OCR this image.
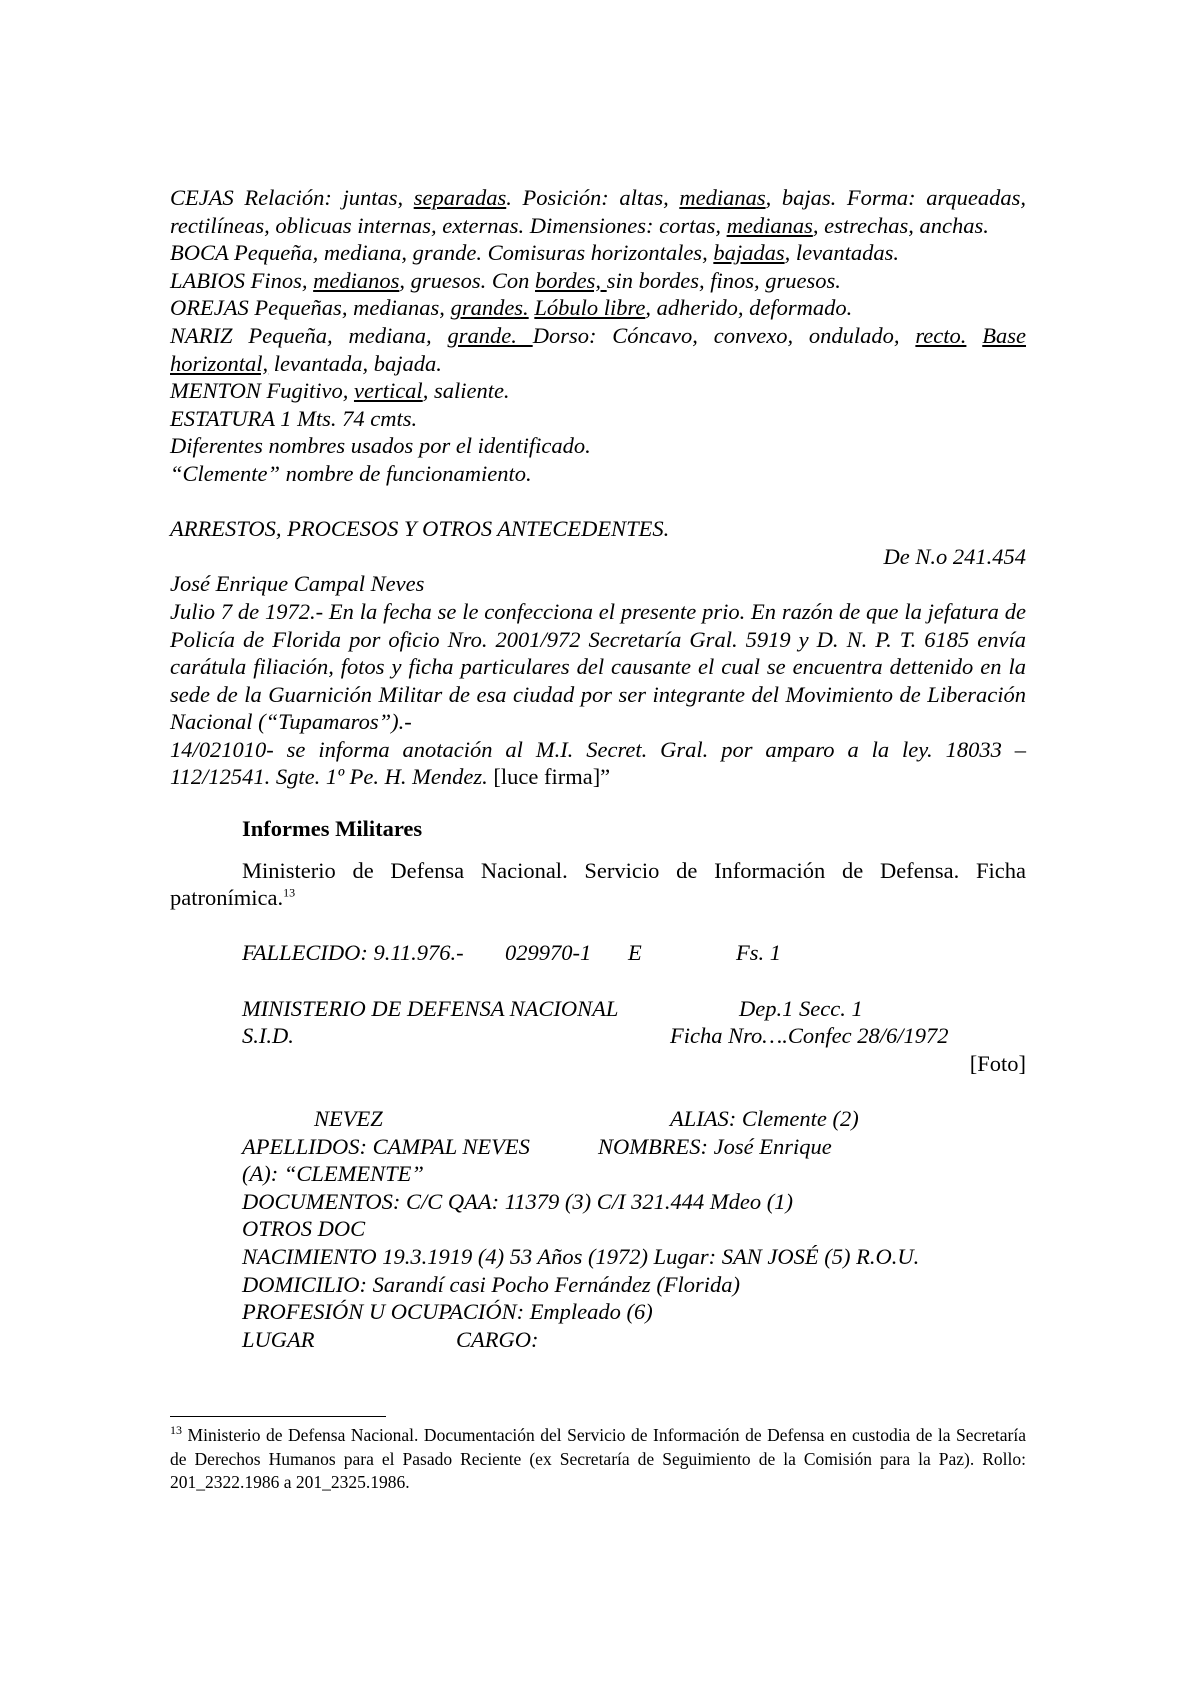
CEJAS Relación: juntas, separadas. Posición: altas, medianas, bajas. Forma: arqueadas, rectilíneas, oblicuas internas, externas. Dimensiones: cortas, medianas, estrechas, anchas.

BOCA Pequeña, mediana, grande. Comisuras horizontales, bajadas, levantadas.

LABIOS Finos, medianos, gruesos. Con bordes, sin bordes, finos, gruesos.

OREJAS Pequeñas, medianas, grandes. Lóbulo libre, adherido, deformado.

NARIZ Pequeña, mediana, grande. Dorso: Cóncavo, convexo, ondulado, recto. Base horizontal, levantada, bajada.

MENTON Fugitivo, vertical, saliente.

ESTATURA 1 Mts. 74 cmts.

Diferentes nombres usados por el identificado.

“Clemente” nombre de funcionamiento.

ARRESTOS, PROCESOS Y OTROS ANTECEDENTES.

De N.o 241.454

José Enrique Campal Neves

Julio 7 de 1972.- En la fecha se le confecciona el presente prio. En razón de que la jefatura de Policía de Florida por oficio Nro. 2001/972 Secretaría Gral. 5919 y D. N. P. T. 6185 envía carátula filiación, fotos y ficha particulares del causante el cual se encuentra dettenido en la sede de la Guarnición Militar de esa ciudad por ser integrante del Movimiento de Liberación Nacional (“Tupamaros”).-

14/021010- se informa anotación al M.I. Secret. Gral. por amparo a la ley. 18033 – 112/12541. Sgte. 1º Pe. H. Mendez. [luce firma]”

Informes Militares

Ministerio de Defensa Nacional. Servicio de Información de Defensa. Ficha patronímica.$^{13}$

FALLECIDO: 9.11.976.- 029970-1 E	Fs. 1
MINISTERIO DE DEFENSA NACIONAL	Dep.1 Secc. 1
S.I.D.	Ficha Nro….Confec 28/6/1972

[Foto]

NEVEZ	ALIAS: Clemente (2)
APELLIDOS: CAMPAL NEVES	NOMBRES: José Enrique

(A): “CLEMENTE”

DOCUMENTOS: C/C QAA: 11379 (3) C/I 321.444 Mdeo (1)

OTROS DOC

NACIMIENTO 19.3.1919 (4) 53 Años (1972) Lugar: SAN JOSÉ (5) R.O.U.

DOMICILIO: Sarandí casi Pocho Fernández (Florida)

PROFESIÓN U OCUPACIÓN: Empleado (6)

LUGAR	CARGO:

$^{13}$ Ministerio de Defensa Nacional. Documentación del Servicio de Información de Defensa en custodia de la Secretaría de Derechos Humanos para el Pasado Reciente (ex Secretaría de Seguimiento de la Comisión para la Paz). Rollo: 201_2322.1986 a 201_2325.1986.
